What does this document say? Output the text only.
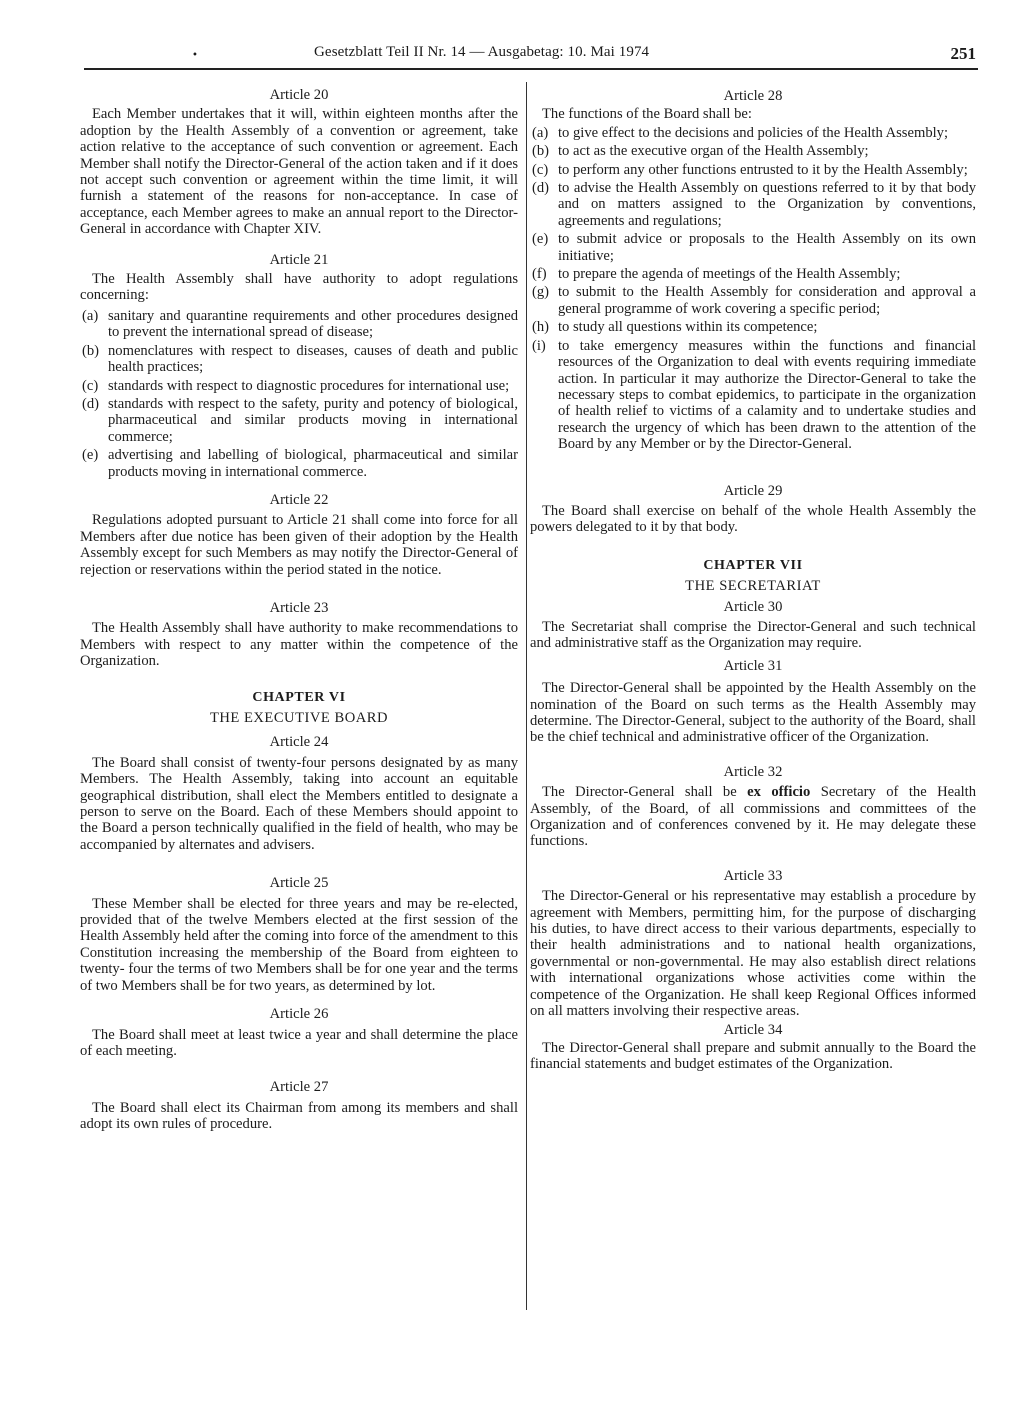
•	Gesetzblatt Teil II Nr. 14 — Ausgabetag: 10. Mai 1974	251
Article 20

Each Member undertakes that it will, within eighteen months after the adoption by the Health Assembly of a convention or agreement, take action relative to the acceptance of such convention or agreement. Each Member shall notify the Director-General of the action taken and if it does not accept such convention or agreement within the time limit, it will furnish a statement of the reasons for non-acceptance. In case of acceptance, each Member agrees to make an annual report to the Director-General in accordance with Chapter XIV.

Article 21

The Health Assembly shall have authority to adopt regulations concerning:

(a) sanitary and quarantine requirements and other procedures designed to prevent the international spread of disease;
(b) nomenclatures with respect to diseases, causes of death and public health practices;
(c) standards with respect to diagnostic procedures for international use;
(d) standards with respect to the safety, purity and potency of biological, pharmaceutical and similar products moving in international commerce;
(e) advertising and labelling of biological, pharmaceutical and similar products moving in international commerce.
Article 22

Regulations adopted pursuant to Article 21 shall come into force for all Members after due notice has been given of their adoption by the Health Assembly except for such Members as may notify the Director-General of rejection or reservations within the period stated in the notice.

Article 23

The Health Assembly shall have authority to make recommendations to Members with respect to any matter within the competence of the Organization.

CHAPTER VI
THE EXECUTIVE BOARD
Article 24

The Board shall consist of twenty-four persons designated by as many Members. The Health Assembly, taking into account an equitable geographical distribution, shall elect the Members entitled to designate a person to serve on the Board. Each of these Members should appoint to the Board a person technically qualified in the field of health, who may be accompanied by alternates and advisers.

Article 25

These Member shall be elected for three years and may be re-elected, provided that of the twelve Members elected at the first session of the Health Assembly held after the coming into force of the amendment to this Constitution increasing the membership of the Board from eighteen to twenty- four the terms of two Members shall be for one year and the terms of two Members shall be for two years, as determined by lot.

Article 26

The Board shall meet at least twice a year and shall determine the place of each meeting.

Article 27

The Board shall elect its Chairman from among its members and shall adopt its own rules of procedure.

Article 28

The functions of the Board shall be:

(a) to give effect to the decisions and policies of the Health Assembly;
(b) to act as the executive organ of the Health Assembly;
(c) to perform any other functions entrusted to it by the Health Assembly;
(d) to advise the Health Assembly on questions referred to it by that body and on matters assigned to the Organization by conventions, agreements and regulations;
(e) to submit advice or proposals to the Health Assembly on its own initiative;
(f) to prepare the agenda of meetings of the Health Assembly;
(g) to submit to the Health Assembly for consideration and approval a general programme of work covering a specific period;
(h) to study all questions within its competence;
(i) to take emergency measures within the functions and financial resources of the Organization to deal with events requiring immediate action. In particular it may authorize the Director-General to take the necessary steps to combat epidemics, to participate in the organization of health relief to victims of a calamity and to undertake studies and research the urgency of which has been drawn to the attention of the Board by any Member or by the Director-General.
Article 29

The Board shall exercise on behalf of the whole Health Assembly the powers delegated to it by that body.

CHAPTER VII
THE SECRETARIAT
Article 30

The Secretariat shall comprise the Director-General and such technical and administrative staff as the Organization may require.

Article 31

The Director-General shall be appointed by the Health Assembly on the nomination of the Board on such terms as the Health Assembly may determine. The Director-General, subject to the authority of the Board, shall be the chief technical and administrative officer of the Organization.

Article 32

The Director-General shall be ex officio Secretary of the Health Assembly, of the Board, of all commissions and committees of the Organization and of conferences convened by it. He may delegate these functions.

Article 33

The Director-General or his representative may establish a procedure by agreement with Members, permitting him, for the purpose of discharging his duties, to have direct access to their various departments, especially to their health administrations and to national health organizations, governmental or non-governmental. He may also establish direct relations with international organizations whose activities come within the competence of the Organization. He shall keep Regional Offices informed on all matters involving their respective areas.

Article 34

The Director-General shall prepare and submit annually to the Board the financial statements and budget estimates of the Organization.
